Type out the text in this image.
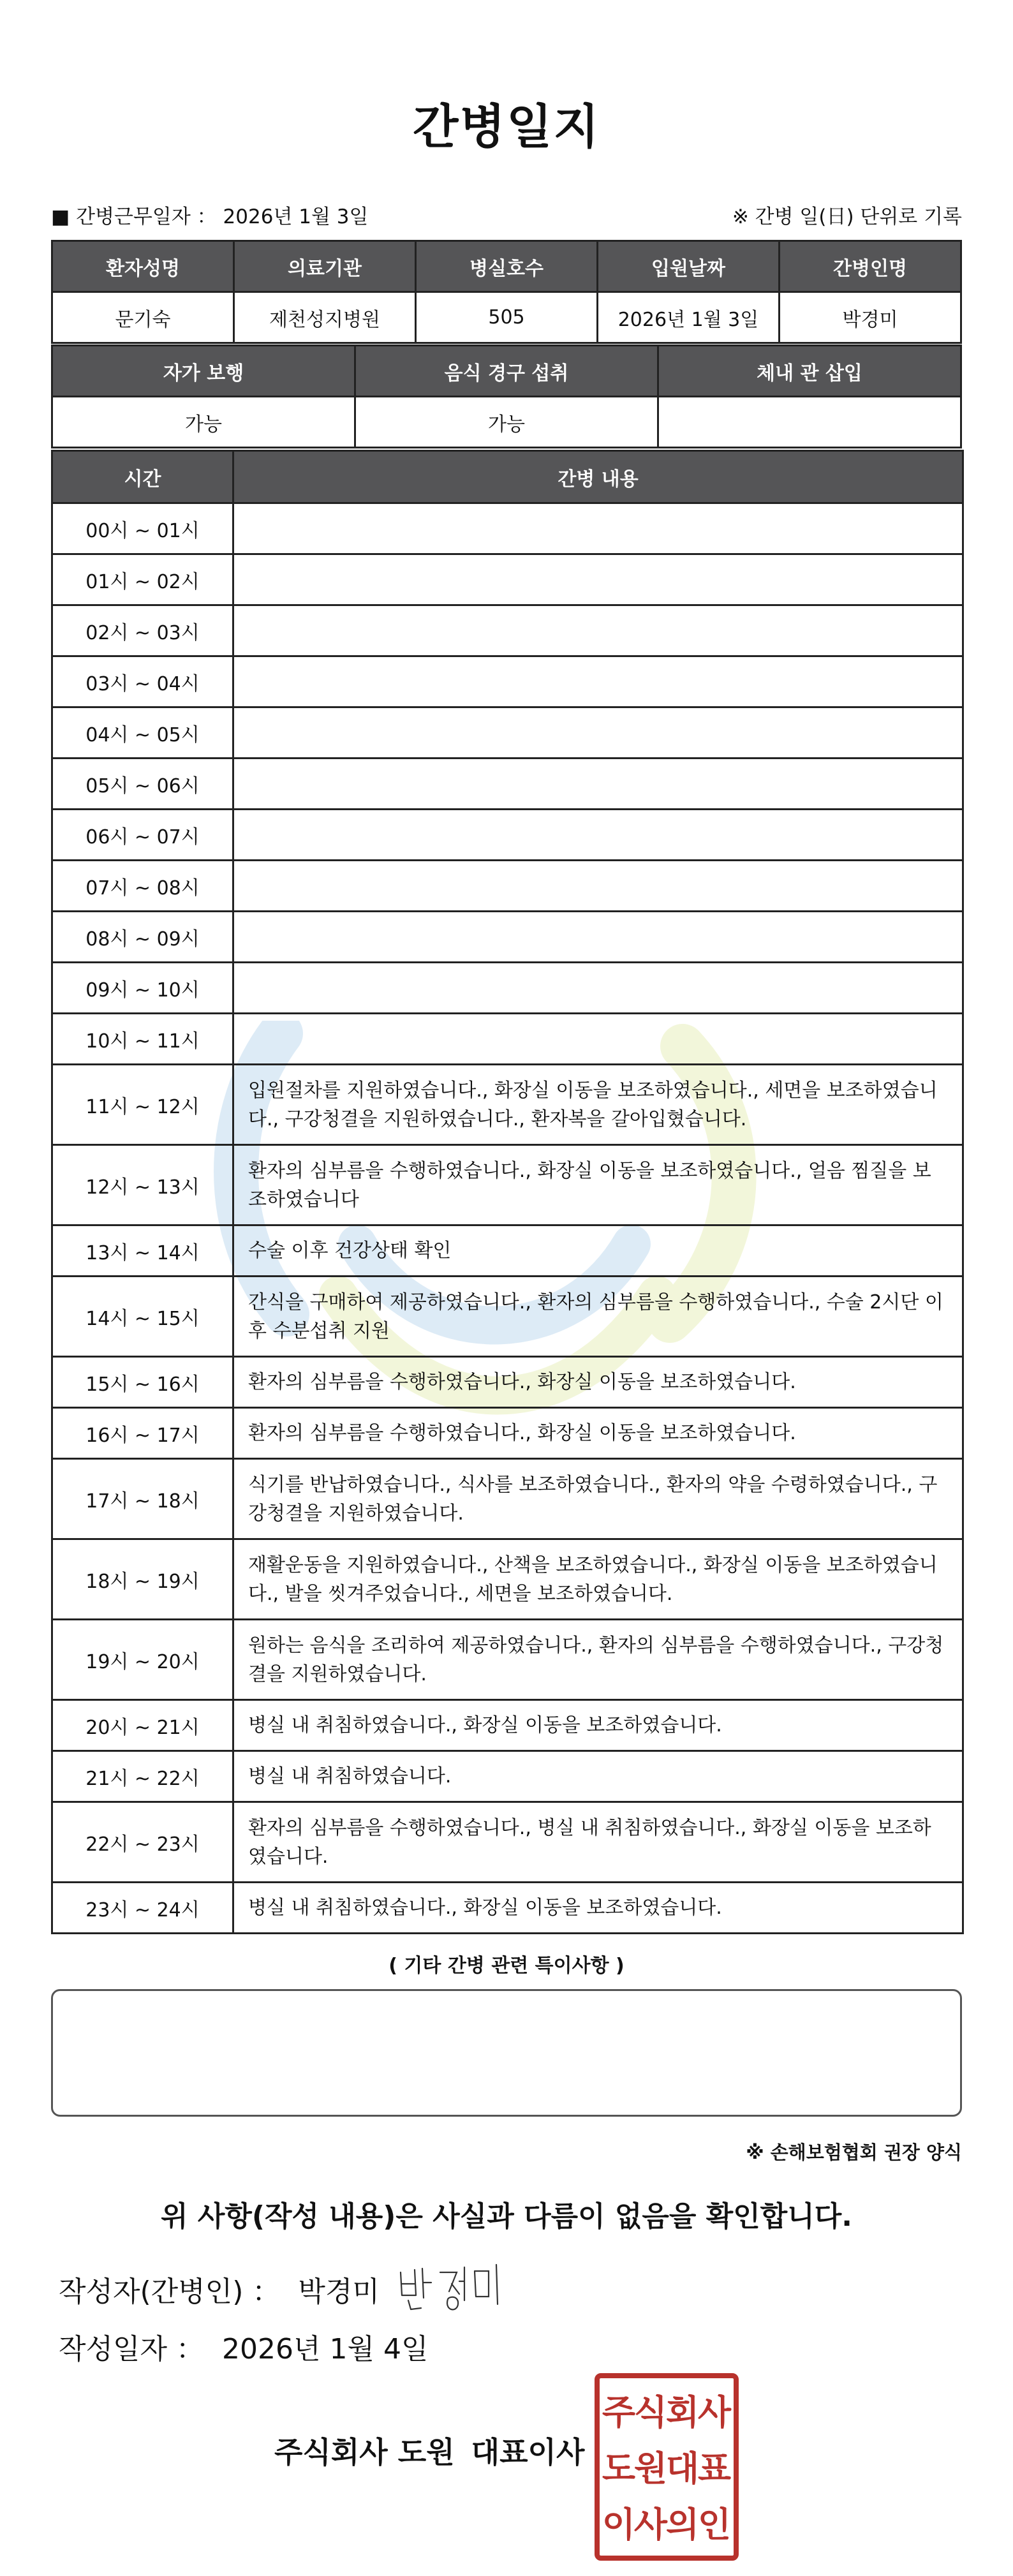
간병일지
■ 간병근무일자 ： 2026년 1월 3일	※ 간병 일(日) 단위로 기록
환자성명	의료기관	병실호수	입원날짜	간병인명
문기숙	제천성지병원	505	2026년 1월 3일	박경미
자가 보행	음식 경구 섭취	체내 관 삽입
가능	가능	
시간	간병 내용
00시 ~ 01시	
01시 ~ 02시	
02시 ~ 03시	
03시 ~ 04시	
04시 ~ 05시	
05시 ~ 06시	
06시 ~ 07시	
07시 ~ 08시	
08시 ~ 09시	
09시 ~ 10시	
10시 ~ 11시	
11시 ~ 12시	입원절차를 지원하였습니다., 화장실 이동을 보조하였습니다., 세면을 보조하였습니다., 구강청결을 지원하였습니다., 환자복을 갈아입혔습니다.
12시 ~ 13시	환자의 심부름을 수행하였습니다., 화장실 이동을 보조하였습니다., 얼음 찜질을 보조하였습니다
13시 ~ 14시	수술 이후 건강상태 확인
14시 ~ 15시	간식을 구매하여 제공하였습니다., 환자의 심부름을 수행하였습니다., 수술 2시단 이후 수분섭취 지원
15시 ~ 16시	환자의 심부름을 수행하였습니다., 화장실 이동을 보조하였습니다.
16시 ~ 17시	환자의 심부름을 수행하였습니다., 화장실 이동을 보조하였습니다.
17시 ~ 18시	식기를 반납하였습니다., 식사를 보조하였습니다., 환자의 약을 수령하였습니다., 구강청결을 지원하였습니다.
18시 ~ 19시	재활운동을 지원하였습니다., 산책을 보조하였습니다., 화장실 이동을 보조하였습니다., 발을 씻겨주었습니다., 세면을 보조하였습니다.
19시 ~ 20시	원하는 음식을 조리하여 제공하였습니다., 환자의 심부름을 수행하였습니다., 구강청결을 지원하였습니다.
20시 ~ 21시	병실 내 취침하였습니다., 화장실 이동을 보조하였습니다.
21시 ~ 22시	병실 내 취침하였습니다.
22시 ~ 23시	환자의 심부름을 수행하였습니다., 병실 내 취침하였습니다., 화장실 이동을 보조하였습니다.
23시 ~ 24시	병실 내 취침하였습니다., 화장실 이동을 보조하였습니다.
( 기타 간병 관련 특이사항 )
※ 손해보험협회 권장 양식
위 사항(작성 내용)은 사실과 다름이 없음을 확인합니다.
작성자(간병인) ： 박경미
작성일자 ： 2026년 1월 4일
주식회사 도원 대표이사
주
식
회
사
도
원
대
표
이
사
의
인
